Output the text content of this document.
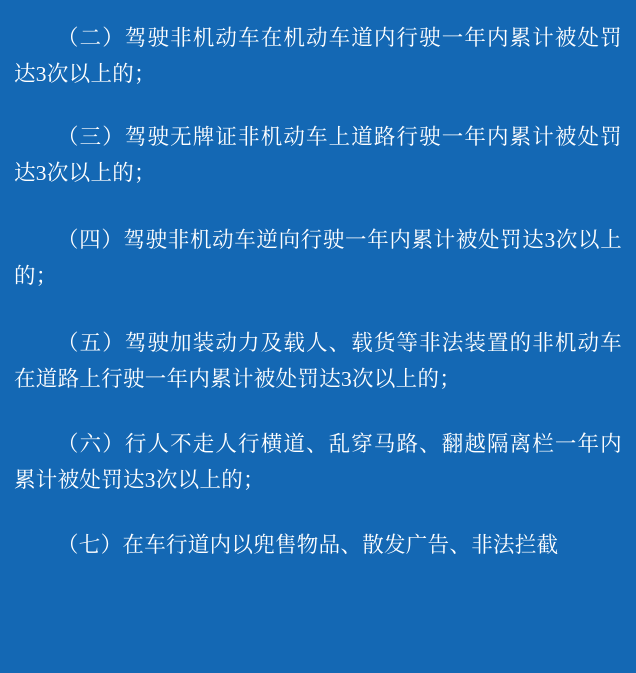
（二）驾驶非机动车在机动车道内行驶一年内累计被处罚达3次以上的；

（三）驾驶无牌证非机动车上道路行驶一年内累计被处罚达3次以上的；

（四）驾驶非机动车逆向行驶一年内累计被处罚达3次以上的；

（五）驾驶加装动力及载人、载货等非法装置的非机动车在道路上行驶一年内累计被处罚达3次以上的；

（六）行人不走人行横道、乱穿马路、翻越隔离栏一年内累计被处罚达3次以上的；

（七）在车行道内以兜售物品、散发广告、非法拦截
